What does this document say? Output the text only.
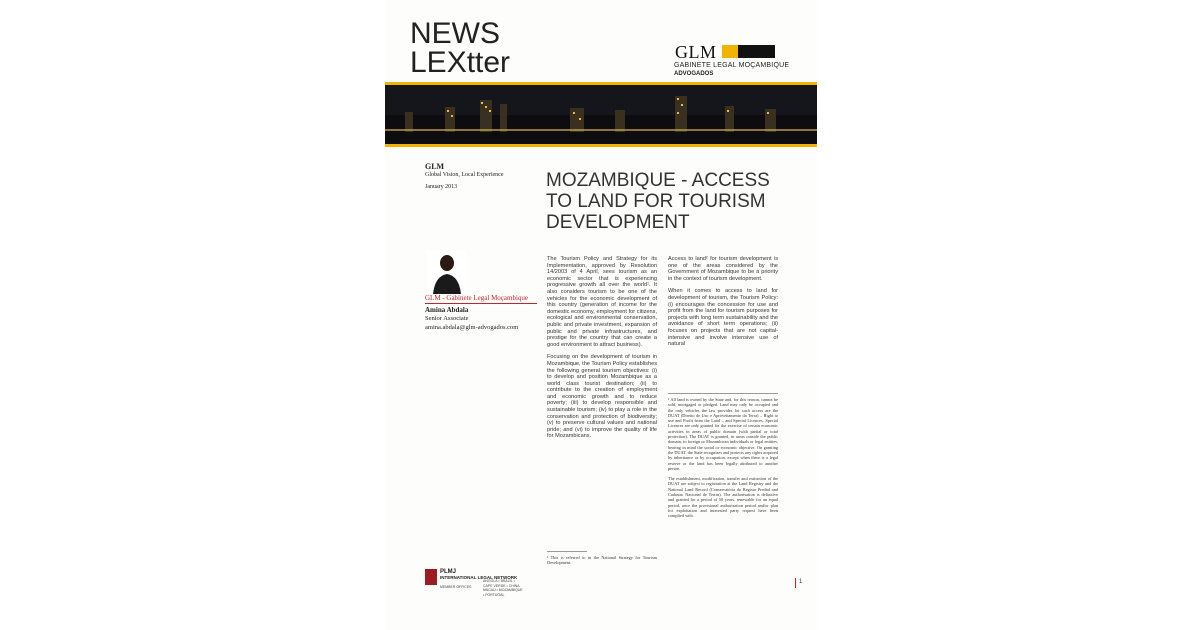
NEWS
LEXtter	GLM
GABINETE LEGAL MOÇAMBIQUE
ADVOGADOS
GLM
Global Vision, Local Experience
January 2013	MOZAMBIQUE - ACCESS TO LAND FOR TOURISM DEVELOPMENT
GLM - Gabinete Legal Moçambique
Amina Abdala
Senior Associate
amina.abdala@glm-advogados.com

The Tourism Policy and Strategy for its Implementation, approved by Resolution 14/2003 of 4 April, sees tourism as an economic sector that is experiencing progressive growth all over the world¹. It also considers tourism to be one of the vehicles for the economic development of this country (generation of income for the domestic economy, employment for citizens, ecological and environmental conservation, public and private investment, expansion of public and private infrastructures, and prestige for the country that can create a good environment to attract business).

Focusing on the development of tourism in Mozambique, the Tourism Policy establishes the following general tourism objectives: (i) to develop and position Mozambique as a world class tourist destination; (ii) to contribute to the creation of employment and economic growth and to reduce poverty; (iii) to develop responsible and sustainable tourism; (iv) to play a role in the conservation and protection of biodiversity; (v) to preserve cultural values and national pride; and (vi) to improve the quality of life for Mozambicans.

Access to land² for tourism development is one of the areas considered by the Government of Mozambique to be a priority in the context of tourism development.

When it comes to access to land for development of tourism, the Tourism Policy: (i) encourages the concession for use and profit from the land for tourism purposes for projects with long term sustainability and the avoidance of short term operations; (ii) focuses on projects that are not capital-intensive and involve intensive use of natural

¹ This is referred to in the National Strategy for Tourism Development.

² All land is owned by the State and, for this reason, cannot be sold, mortgaged or pledged. Land may only be occupied and the only vehicles the law provides for such access are the DUAT (Direito de Uso e Aproveitamento da Terra) – Right to use and Profit from the Land – and Special Licences. Special Licences are only granted for the exercise of certain economic activities in areas of public domain (with partial or total protection). The DUAT is granted, in areas outside the public domain, to foreign or Mozambican individuals or legal entities, bearing in mind the social or economic objective. On granting the DUAT, the State recognizes and protects any rights acquired by inheritance or by occupation, except when there is a legal reserve or the land has been legally attributed to another person.

The establishment, modification, transfer and extinction of the DUAT are subject to registration at the Land Registry and the National Land Record (Conservatória do Registo Predial and Cadastro Nacional de Terras). The authorisation is definitive and granted for a period of 50 years, renewable for an equal period, once the provisional authorisation period and/or plan for exploitation and interested party request have been complied with.

PLMJ
INTERNATIONAL LEGAL NETWORK
MEMBER OFFICES
ANGOLA • BRAZIL • CAPE VERDE • CHINA MACAU • MOZAMBIQUE • PORTUGAL
1
